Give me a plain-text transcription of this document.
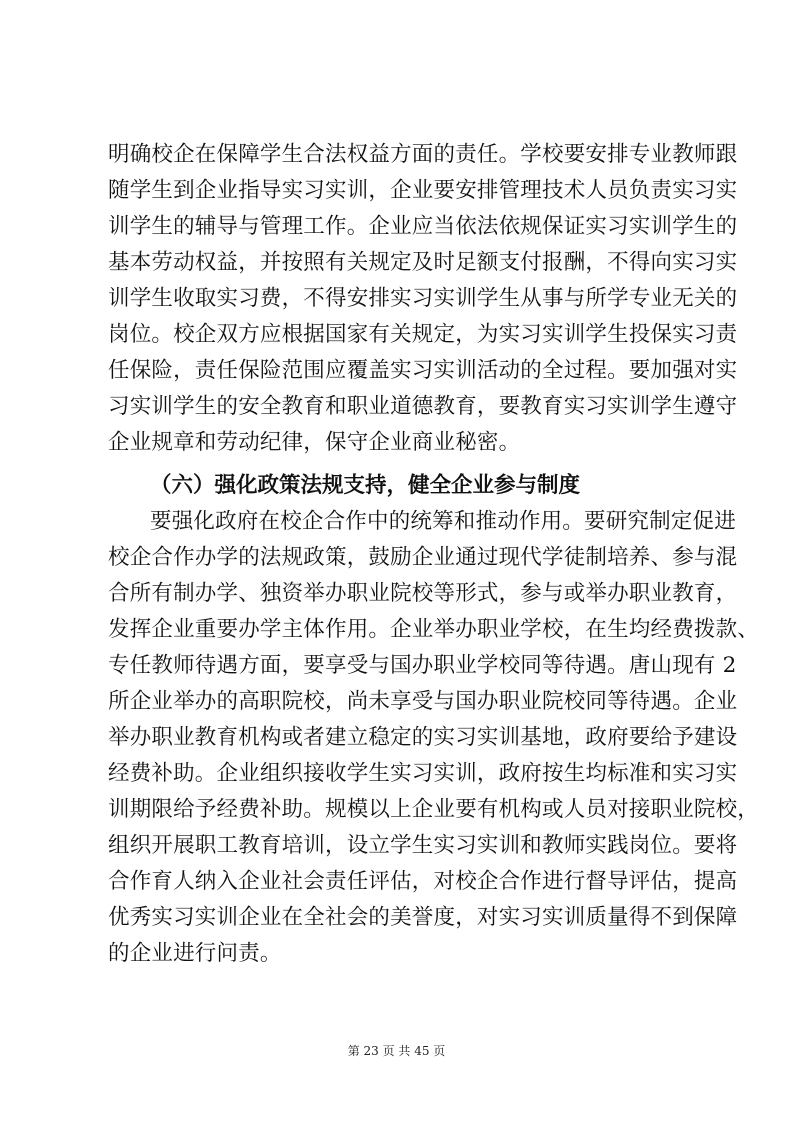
明确校企在保障学生合法权益方面的责任。学校要安排专业教师跟
随学生到企业指导实习实训，企业要安排管理技术人员负责实习实
训学生的辅导与管理工作。企业应当依法依规保证实习实训学生的
基本劳动权益，并按照有关规定及时足额支付报酬，不得向实习实
训学生收取实习费，不得安排实习实训学生从事与所学专业无关的
岗位。校企双方应根据国家有关规定，为实习实训学生投保实习责
任保险，责任保险范围应覆盖实习实训活动的全过程。要加强对实
习实训学生的安全教育和职业道德教育，要教育实习实训学生遵守
企业规章和劳动纪律，保守企业商业秘密。
（六）强化政策法规支持，健全企业参与制度
要强化政府在校企合作中的统筹和推动作用。要研究制定促进
校企合作办学的法规政策，鼓励企业通过现代学徒制培养、参与混
合所有制办学、独资举办职业院校等形式，参与或举办职业教育，
发挥企业重要办学主体作用。企业举办职业学校，在生均经费拨款、
专任教师待遇方面，要享受与国办职业学校同等待遇。唐山现有 2
所企业举办的高职院校，尚未享受与国办职业院校同等待遇。企业
举办职业教育机构或者建立稳定的实习实训基地，政府要给予建设
经费补助。企业组织接收学生实习实训，政府按生均标准和实习实
训期限给予经费补助。规模以上企业要有机构或人员对接职业院校，
组织开展职工教育培训，设立学生实习实训和教师实践岗位。要将
合作育人纳入企业社会责任评估，对校企合作进行督导评估，提高
优秀实习实训企业在全社会的美誉度，对实习实训质量得不到保障
的企业进行问责。
第 23 页 共 45 页
